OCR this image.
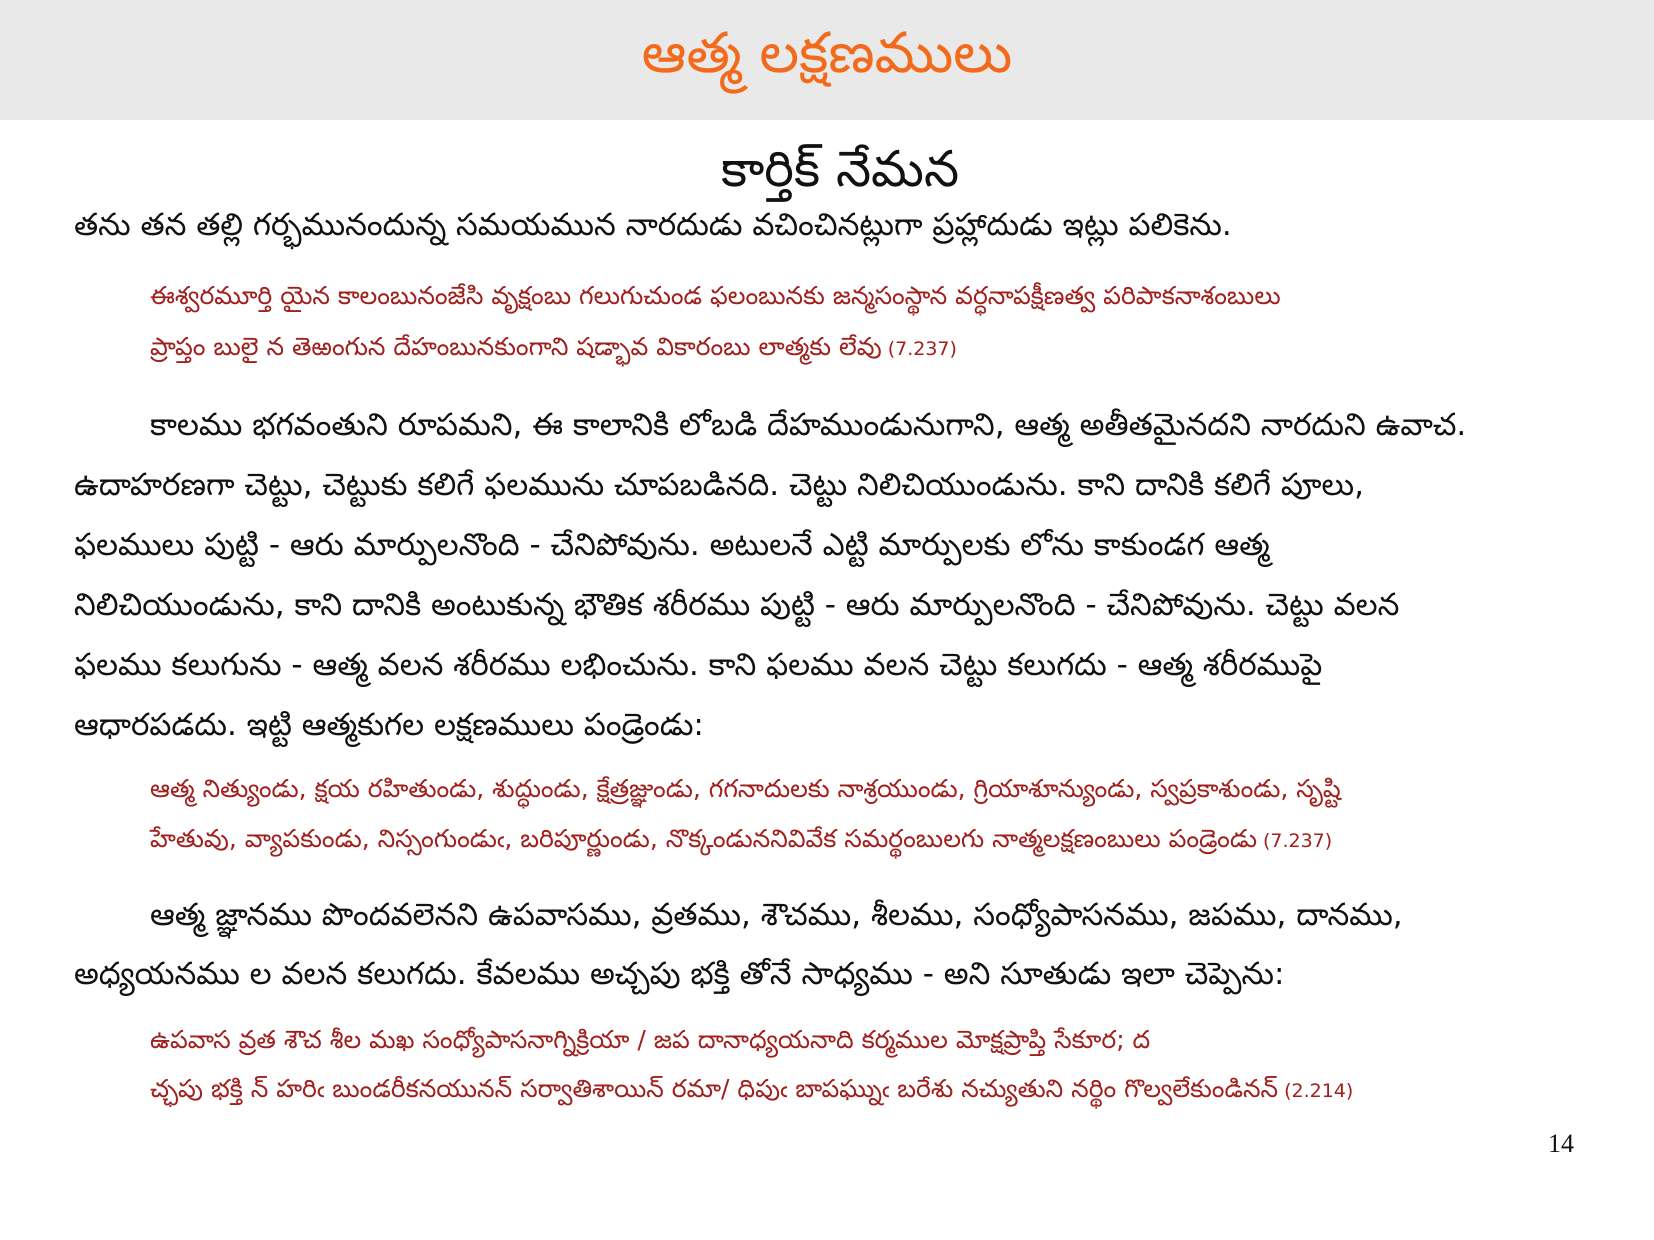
ఆత్మ లక్షణములు
కార్తిక్ నేమన
తను తన తల్లి గర్భమునందున్న సమయమున నారదుడు వచించినట్లుగా ప్రహ్లాదుడు ఇట్లు పలికెను.
ఈశ్వరమూర్తి యైన కాలంబునంజేసి వృక్షంబు గలుగుచుండ ఫలంబునకు జన్మసంస్థాన వర్ధనాపక్షీణత్వ పరిపాకనాశంబులు
ప్రాప్తం బులై న తెఱంగున దేహంబునకుంగాని షడ్భావ వికారంబు లాత్మకు లేవు (7.237)
కాలము భగవంతుని రూపమని, ఈ కాలానికి లోబడి దేహముండునుగాని, ఆత్మ అతీతమైనదని నారదుని ఉవాచ.
ఉదాహరణగా చెట్టు, చెట్టుకు కలిగే ఫలమును చూపబడినది. చెట్టు నిలిచియుండును. కాని దానికి కలిగే పూలు,
ఫలములు పుట్టి - ఆరు మార్పులనొంది - చేనిపోవును. అటులనే ఎట్టి మార్పులకు లోను కాకుండగ ఆత్మ
నిలిచియుండును, కాని దానికి అంటుకున్న భౌతిక శరీరము పుట్టి - ఆరు మార్పులనొంది - చేనిపోవును. చెట్టు వలన
ఫలము కలుగును - ఆత్మ వలన శరీరము లభించును. కాని ఫలము వలన చెట్టు కలుగదు - ఆత్మ శరీరముపై
ఆధారపడదు. ఇట్టి ఆత్మకుగల లక్షణములు పండ్రెండు:
ఆత్మ నిత్యుండు, క్షయ రహితుండు, శుద్ధుండు, క్షేత్రజ్ఞుండు, గగనాదులకు నాశ్రయుండు, గ్రియాశూన్యుండు, స్వప్రకాశుండు, సృష్టి
హేతువు, వ్యాపకుండు, నిస్సంగుండుఁ, బరిపూర్ణుండు, నొక్కండుననివివేక సమర్థంబులగు నాత్మలక్షణంబులు పండ్రెండు (7.237)
ఆత్మ జ్ఞానము పొందవలెనని ఉపవాసము, వ్రతము, శౌచము, శీలము, సంధ్యోపాసనము, జపము, దానము,
అధ్యయనము ల వలన కలుగదు. కేవలము అచ్చపు భక్తి తోనే సాధ్యము - అని సూతుడు ఇలా చెప్పెను:
ఉపవాస వ్రత శౌచ శీల మఖ సంధ్యోపాసనాగ్నిక్రియా / జప దానాధ్యయనాది కర్మముల మోక్షప్రాప్తి సేకూర; ద
చ్ఛపు భక్తి న్ హరిఁ బుండరీకనయునన్ సర్వాతిశాయిన్ రమా/ ధిపుఁ బాపఘ్నుఁ బరేశు నచ్యుతుని నర్థిం గొల్వలేకుండినన్ (2.214)
14
